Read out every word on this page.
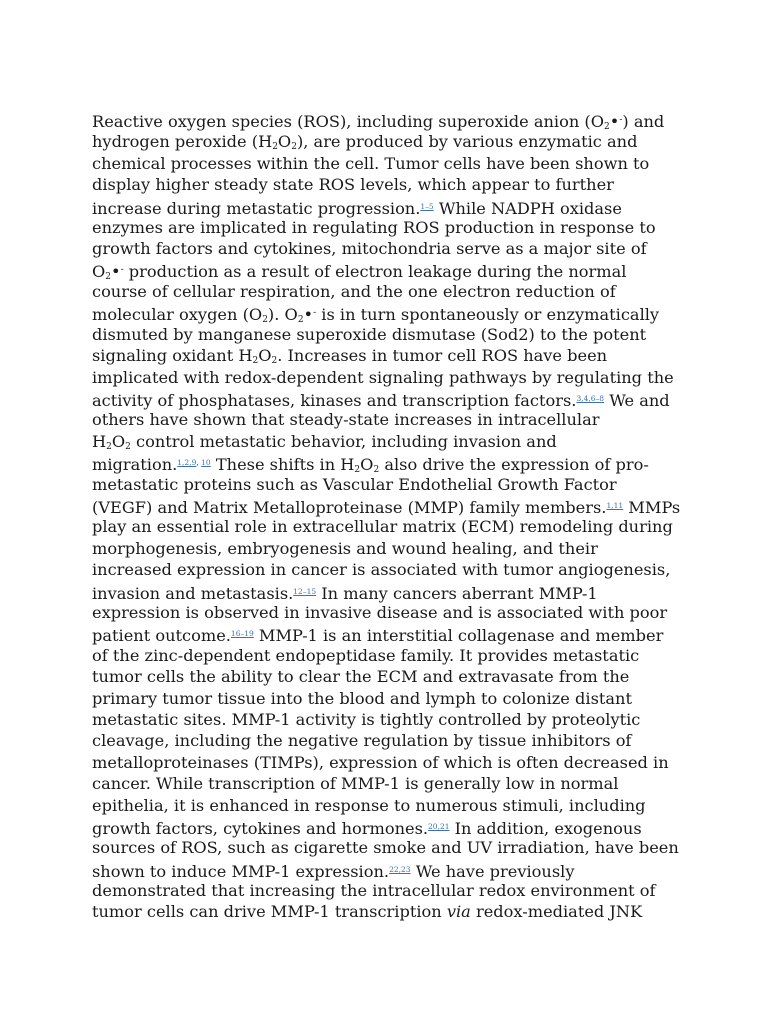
Reactive oxygen species (ROS), including superoxide anion $(O_2•^-)$ and
hydrogen peroxide $(H_2O_2)$, are produced by various enzymatic and
chemical processes within the cell. Tumor cells have been shown to
display higher steady state ROS levels, which appear to further
increase during metastatic progression.$^{1-5}$ While NADPH oxidase
enzymes are implicated in regulating ROS production in response to
growth factors and cytokines, mitochondria serve as a major site of
$O_2•^-$ production as a result of electron leakage during the normal
course of cellular respiration, and the one electron reduction of
molecular oxygen $(O_2)$. $O_2•^-$ is in turn spontaneously or enzymatically
dismuted by manganese superoxide dismutase (Sod2) to the potent
signaling oxidant $H_2O_2$. Increases in tumor cell ROS have been
implicated with redox-dependent signaling pathways by regulating the
activity of phosphatases, kinases and transcription factors.$^{3,4,6-8}$ We and
others have shown that steady-state increases in intracellular
$H_2O_2$ control metastatic behavior, including invasion and
migration.$^{1,2,9,}$ $^{10}$ These shifts in $H_2O_2$ also drive the expression of pro-
metastatic proteins such as Vascular Endothelial Growth Factor
(VEGF) and Matrix Metalloproteinase (MMP) family members.$^{1,11}$ MMPs
play an essential role in extracellular matrix (ECM) remodeling during
morphogenesis, embryogenesis and wound healing, and their
increased expression in cancer is associated with tumor angiogenesis,
invasion and metastasis.$^{12-15}$ In many cancers aberrant MMP-1
expression is observed in invasive disease and is associated with poor
patient outcome.$^{16-19}$ MMP-1 is an interstitial collagenase and member
of the zinc-dependent endopeptidase family. It provides metastatic
tumor cells the ability to clear the ECM and extravasate from the
primary tumor tissue into the blood and lymph to colonize distant
metastatic sites. MMP-1 activity is tightly controlled by proteolytic
cleavage, including the negative regulation by tissue inhibitors of
metalloproteinases (TIMPs), expression of which is often decreased in
cancer. While transcription of MMP-1 is generally low in normal
epithelia, it is enhanced in response to numerous stimuli, including
growth factors, cytokines and hormones.$^{20,21}$ In addition, exogenous
sources of ROS, such as cigarette smoke and UV irradiation, have been
shown to induce MMP-1 expression.$^{22,23}$ We have previously
demonstrated that increasing the intracellular redox environment of
tumor cells can drive MMP-1 transcription via redox-mediated JNK
